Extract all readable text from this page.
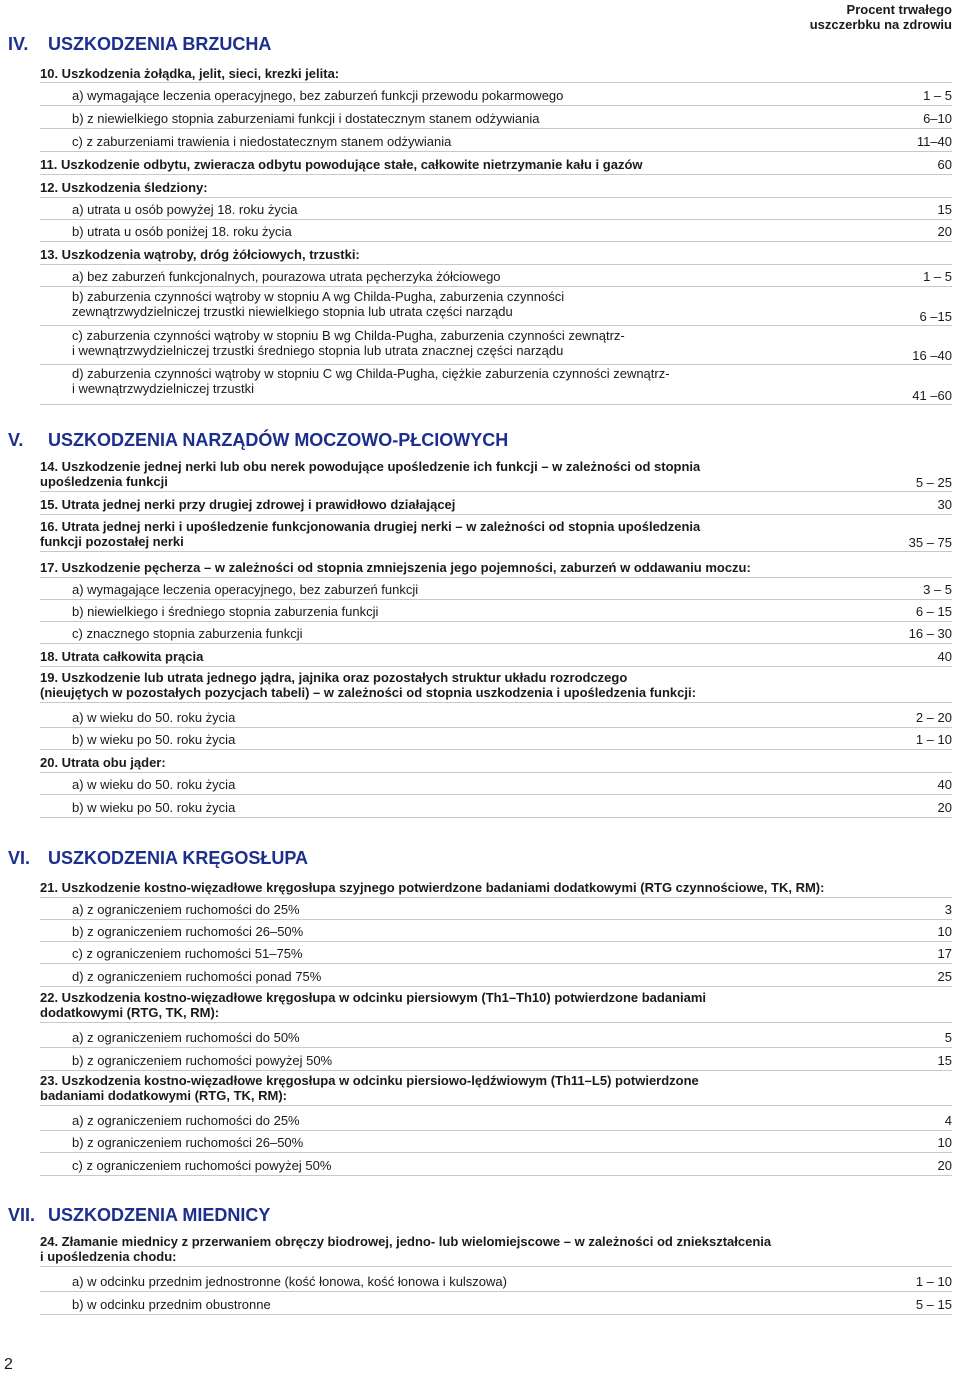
Procent trwałego
uszczerbku na zdrowiu
IV. USZKODZENIA BRZUCHA
10. Uszkodzenia żołądka, jelit, sieci, krezki jelita:
a) wymagające leczenia operacyjnego, bez zaburzeń funkcji przewodu pokarmowego	1 – 5
b) z niewielkiego stopnia zaburzeniami funkcji i dostatecznym stanem odżywiania	6–10
c) z zaburzeniami trawienia i niedostatecznym stanem odżywiania	11–40
11. Uszkodzenie odbytu, zwieracza odbytu powodujące stałe, całkowite nietrzymanie kału i gazów	60
12. Uszkodzenia śledziony:
a) utrata u osób powyżej 18. roku życia	15
b) utrata u osób poniżej 18. roku życia	20
13. Uszkodzenia wątroby, dróg żółciowych, trzustki:
a) bez zaburzeń funkcjonalnych, pourazowa utrata pęcherzyka żółciowego	1 – 5
b) zaburzenia czynności wątroby w stopniu A wg Childa-Pugha, zaburzenia czynności
zewnątrzwydzielniczej trzustki niewielkiego stopnia lub utrata części narządu	6 –15
c) zaburzenia czynności wątroby w stopniu B wg Childa-Pugha, zaburzenia czynności zewnątrz-
i wewnątrzwydzielniczej trzustki średniego stopnia lub utrata znacznej części narządu	16 –40
d) zaburzenia czynności wątroby w stopniu C wg Childa-Pugha, ciężkie zaburzenia czynności zewnątrz-
i wewnątrzwydzielniczej trzustki	41 –60
V. USZKODZENIA NARZĄDÓW MOCZOWO-PŁCIOWYCH
14. Uszkodzenie jednej nerki lub obu nerek powodujące upośledzenie ich funkcji – w zależności od stopnia
upośledzenia funkcji	5 – 25
15. Utrata jednej nerki przy drugiej zdrowej i prawidłowo działającej	30
16. Utrata jednej nerki i upośledzenie funkcjonowania drugiej nerki – w zależności od stopnia upośledzenia
funkcji pozostałej nerki	35 – 75
17. Uszkodzenie pęcherza – w zależności od stopnia zmniejszenia jego pojemności, zaburzeń w oddawaniu moczu:
a) wymagające leczenia operacyjnego, bez zaburzeń funkcji	3 – 5
b) niewielkiego i średniego stopnia zaburzenia funkcji	6 – 15
c) znacznego stopnia zaburzenia funkcji	16 – 30
18. Utrata całkowita prącia	40
19. Uszkodzenie lub utrata jednego jądra, jajnika oraz pozostałych struktur układu rozrodczego
(nieujętych w pozostałych pozycjach tabeli) – w zależności od stopnia uszkodzenia i upośledzenia funkcji:
a) w wieku do 50. roku życia	2 – 20
b) w wieku po 50. roku życia	1 – 10
20. Utrata obu jąder:
a) w wieku do 50. roku życia	40
b) w wieku po 50. roku życia	20
VI. USZKODZENIA KRĘGOSŁUPA
21. Uszkodzenie kostno-więzadłowe kręgosłupa szyjnego potwierdzone badaniami dodatkowymi (RTG czynnościowe, TK, RM):
a) z ograniczeniem ruchomości do 25%	3
b) z ograniczeniem ruchomości 26–50%	10
c) z ograniczeniem ruchomości 51–75%	17
d) z ograniczeniem ruchomości ponad 75%	25
22. Uszkodzenia kostno-więzadłowe kręgosłupa w odcinku piersiowym (Th1–Th10) potwierdzone badaniami
dodatkowymi (RTG, TK, RM):
a) z ograniczeniem ruchomości do 50%	5
b) z ograniczeniem ruchomości powyżej 50%	15
23. Uszkodzenia kostno-więzadłowe kręgosłupa w odcinku piersiowo-lędźwiowym (Th11–L5) potwierdzone
badaniami dodatkowymi (RTG, TK, RM):
a) z ograniczeniem ruchomości do 25%	4
b) z ograniczeniem ruchomości 26–50%	10
c) z ograniczeniem ruchomości powyżej 50%	20
VII. USZKODZENIA MIEDNICY
24. Złamanie miednicy z przerwaniem obręczy biodrowej, jedno- lub wielomiejscowe – w zależności od zniekształcenia
i upośledzenia chodu:
a) w odcinku przednim jednostronne (kość łonowa, kość łonowa i kulszowa)	1 – 10
b) w odcinku przednim obustronne	5 – 15
2
